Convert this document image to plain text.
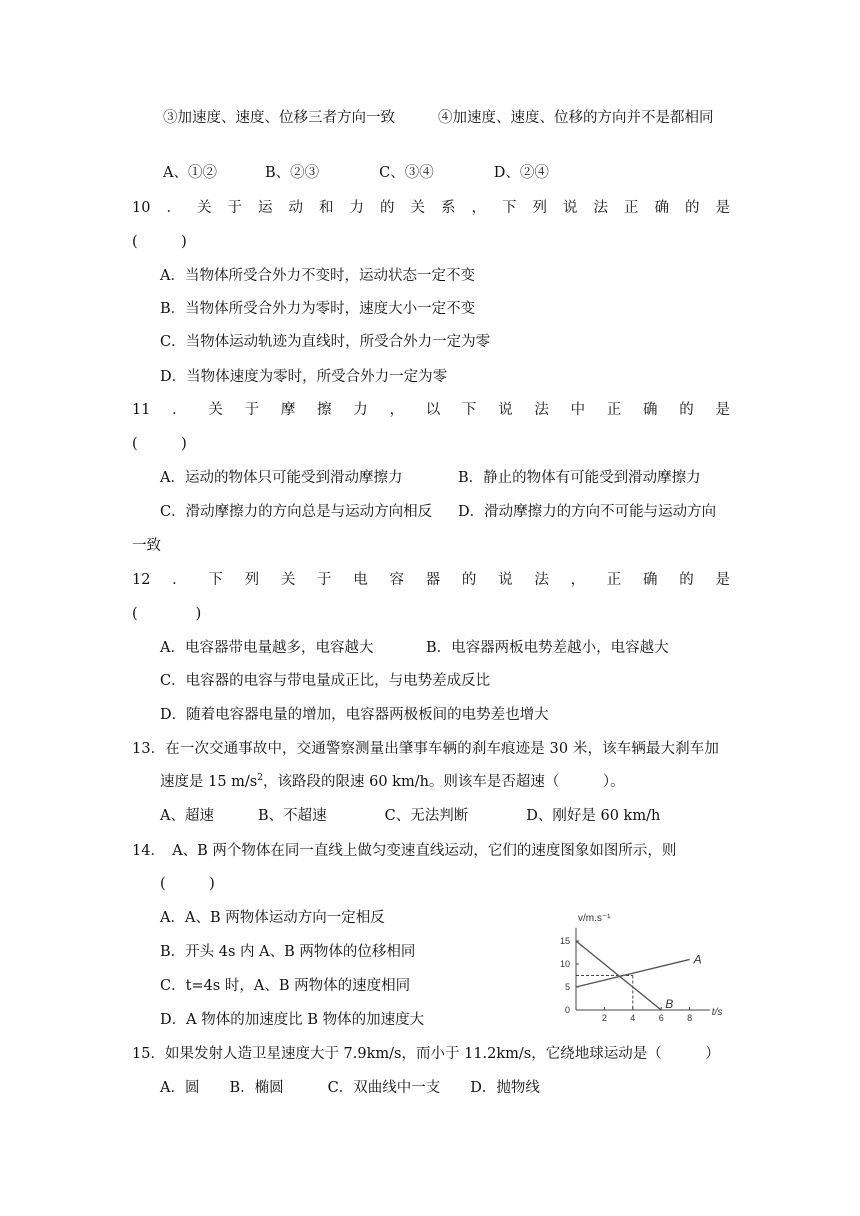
③加速度、速度、位移三者方向一致	④加速度、速度、位移的方向并不是都相同
A、①②	B、②③	C、③④	D、②④
10 ． 关 于 运 动 和 力 的 关 系 ， 下 列 说 法 正 确 的 是
(　　　)
A．当物体所受合外力不变时，运动状态一定不变
B．当物体所受合外力为零时，速度大小一定不变
C．当物体运动轨迹为直线时，所受合外力一定为零
D．当物体速度为零时，所受合外力一定为零
11 ． 关 于 摩 擦 力 ， 以 下 说 法 中 正 确 的 是
(　　　)
A．运动的物体只可能受到滑动摩擦力	B．静止的物体有可能受到滑动摩擦力
C．滑动摩擦力的方向总是与运动方向相反 D．滑动摩擦力的方向不可能与运动方向
一致
12 ． 下 列 关 于 电 容 器 的 说 法 ， 正 确 的 是
(　　　　)
A．电容器带电量越多，电容越大	B．电容器两板电势差越小，电容越大
C．电容器的电容与带电量成正比，与电势差成反比
D．随着电容器电量的增加，电容器两极板间的电势差也增大
13．在一次交通事故中，交通警察测量出肇事车辆的刹车痕迹是 30 米，该车辆最大刹车加
速度是 15 $m/s^2$，该路段的限速 60 km/h。则该车是否超速（　　　）。
A、超速	B、不超速	C、无法判断	D、刚好是 60 km/h
14．　A、B 两个物体在同一直线上做匀变速直线运动，它们的速度图象如图所示，则
(　　　)
A．A、B 两物体运动方向一定相反
B．开头 4s 内 A、B 两物体的位移相同
C．t=4s 时，A、B 两物体的速度相同
D．A 物体的加速度比 B 物体的加速度大	2	4	6	8
0
5
10
15
v/m.s⁻¹
t/s
A
B
15．如果发射人造卫星速度大于 7.9km/s，而小于 11.2km/s，它绕地球运动是（　　　）
A．圆 B．椭圆	C．双曲线中一支 D．抛物线
